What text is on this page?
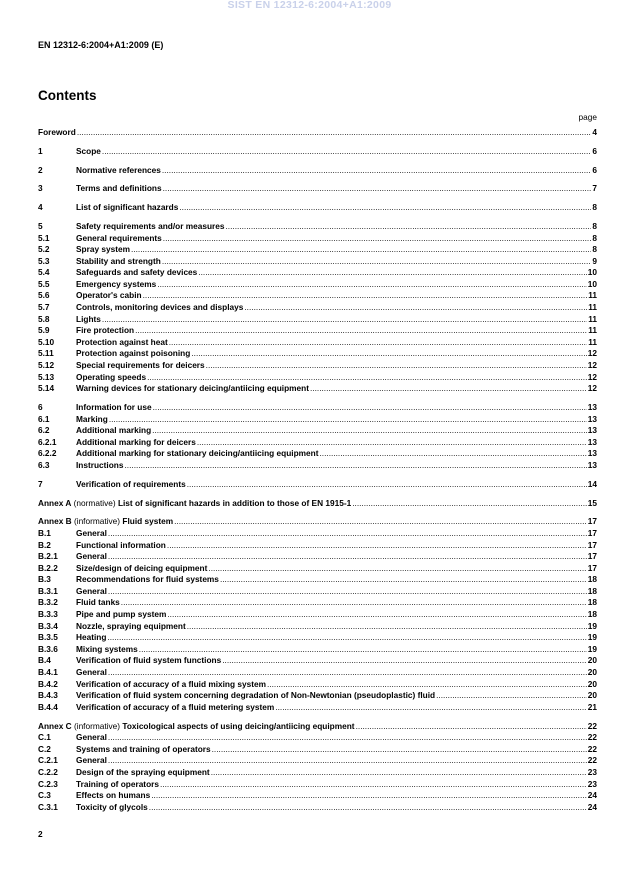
SIST EN 12312-6:2004+A1:2009
EN 12312-6:2004+A1:2009 (E)
Contents
page
Foreword .....	4
1	Scope .....	6
2	Normative references .....	6
3	Terms and definitions .....	7
4	List of significant hazards .....	8
5	Safety requirements and/or measures .....	8
5.1	General requirements .....	8
5.2	Spray system .....	8
5.3	Stability and strength .....	9
5.4	Safeguards and safety devices .....	10
5.5	Emergency systems .....	10
5.6	Operator's cabin .....	11
5.7	Controls, monitoring devices and displays .....	11
5.8	Lights .....	11
5.9	Fire protection .....	11
5.10	Protection against heat .....	11
5.11	Protection against poisoning .....	12
5.12	Special requirements for deicers .....	12
5.13	Operating speeds .....	12
5.14	Warning devices for stationary deicing/antiicing equipment .....	12
6	Information for use .....	13
6.1	Marking .....	13
6.2	Additional marking .....	13
6.2.1 Additional marking for deicers .....	13
6.2.2 Additional marking for stationary deicing/antiicing equipment .....	13
6.3	Instructions .....	13
7	Verification of requirements .....	14
Annex A (normative) List of significant hazards in addition to those of EN 1915-1 .....	15
Annex B (informative) Fluid system .....	17
B.1	General .....	17
B.2	Functional information .....	17
B.2.1 General .....	17
B.2.2 Size/design of deicing equipment .....	17
B.3	Recommendations for fluid systems .....	18
B.3.1 General .....	18
B.3.2 Fluid tanks .....	18
B.3.3 Pipe and pump system .....	18
B.3.4 Nozzle, spraying equipment .....	19
B.3.5 Heating .....	19
B.3.6 Mixing systems .....	19
B.4	Verification of fluid system functions .....	20
B.4.1 General .....	20
B.4.2 Verification of accuracy of a fluid mixing system .....	20
B.4.3 Verification of fluid system concerning degradation of Non-Newtonian (pseudoplastic) fluid .....	20
B.4.4 Verification of accuracy of a fluid metering system .....	21
Annex C (informative) Toxicological aspects of using deicing/antiicing equipment .....	22
C.1	General .....	22
C.2	Systems and training of operators .....	22
C.2.1 General .....	22
C.2.2 Design of the spraying equipment .....	23
C.2.3 Training of operators .....	23
C.3	Effects on humans .....	24
C.3.1 Toxicity of glycols .....	24
2
